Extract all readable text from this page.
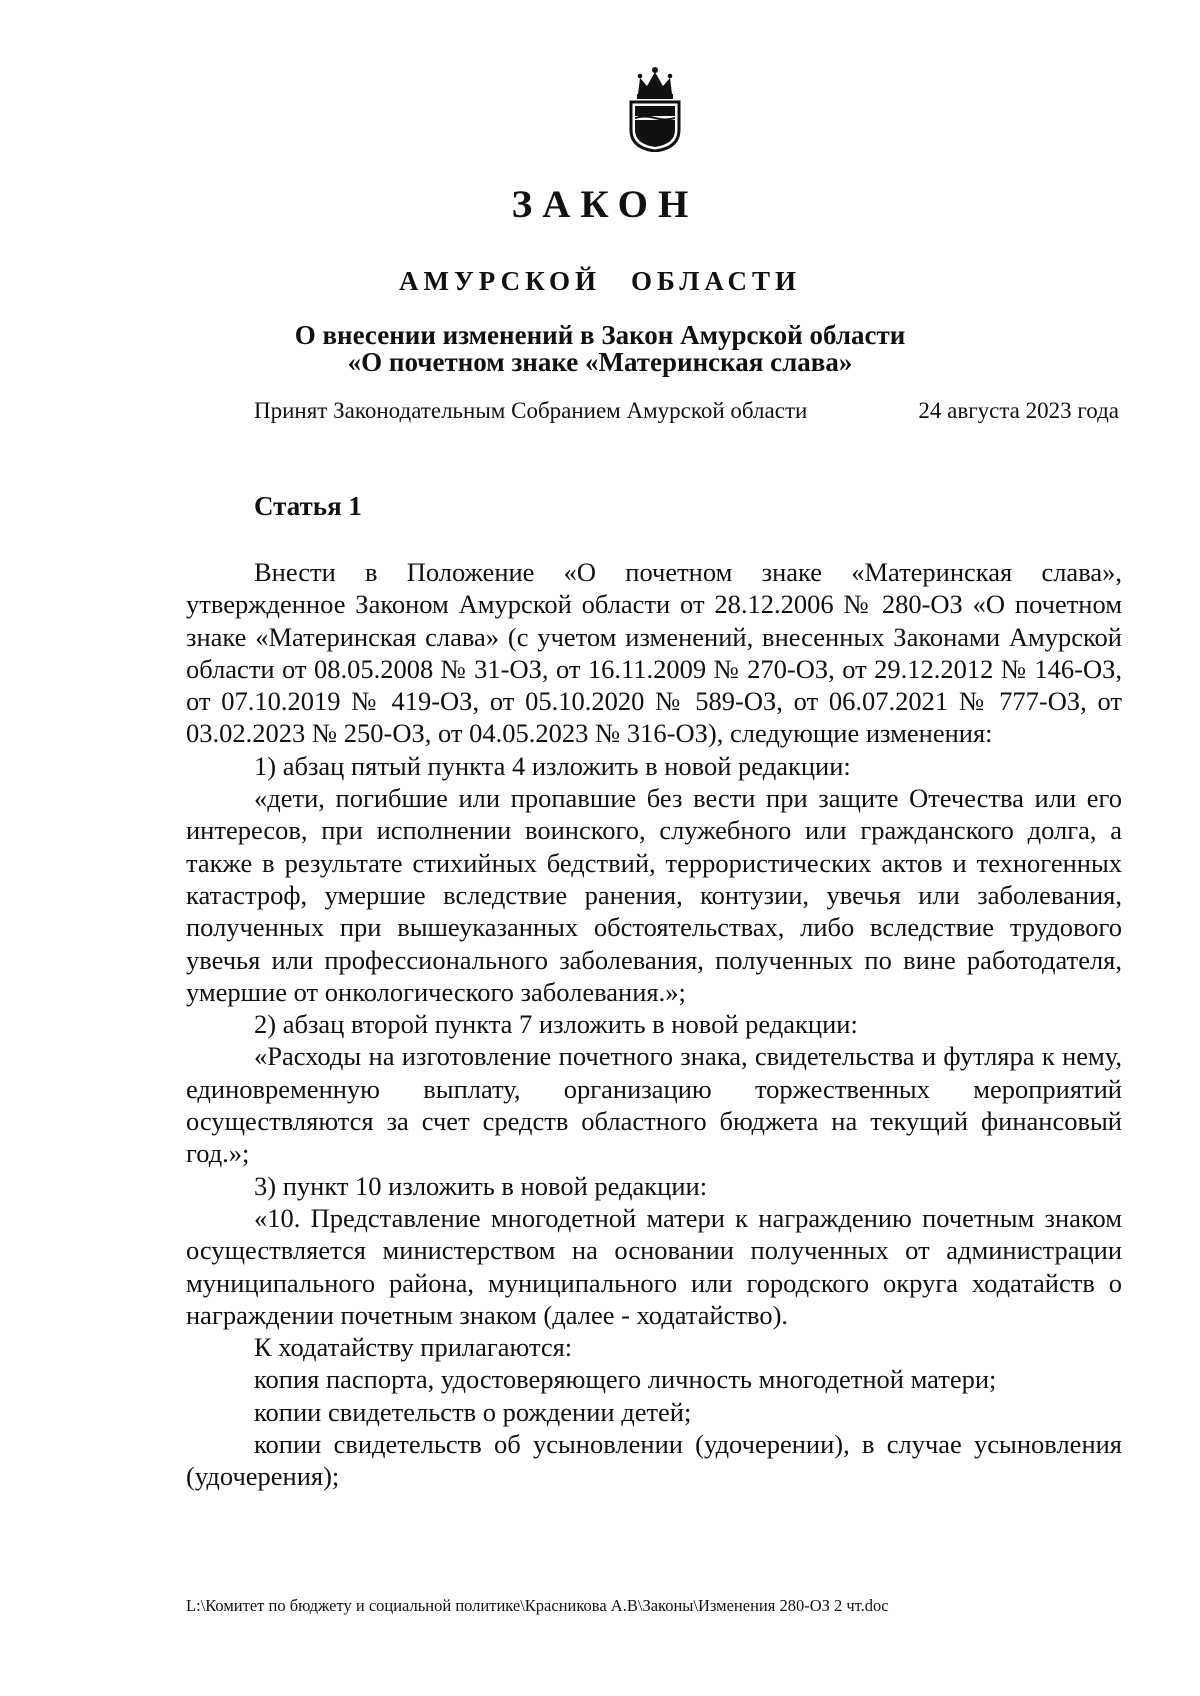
ЗАКОН
АМУРСКОЙ ОБЛАСТИ
О внесении изменений в Закон Амурской области
«О почетном знаке «Материнская слава»
Принят Законодательным Собранием Амурской области	24 августа 2023 года
Статья 1

Внести в Положение «О почетном знаке «Материнская слава», утвержденное Законом Амурской области от 28.12.2006 № 280-ОЗ «О почетном знаке «Материнская слава» (с учетом изменений, внесенных Законами Амурской области от 08.05.2008 № 31-ОЗ, от 16.11.2009 № 270-ОЗ, от 29.12.2012 № 146-ОЗ, от 07.10.2019 № 419-ОЗ, от 05.10.2020 № 589-ОЗ, от 06.07.2021 № 777-ОЗ, от 03.02.2023 № 250-ОЗ, от 04.05.2023 № 316-ОЗ), следующие изменения:

1) абзац пятый пункта 4 изложить в новой редакции:

«дети, погибшие или пропавшие без вести при защите Отечества или его интересов, при исполнении воинского, служебного или гражданского долга, а также в результате стихийных бедствий, террористических актов и техногенных катастроф, умершие вследствие ранения, контузии, увечья или заболевания, полученных при вышеуказанных обстоятельствах, либо вследствие трудового увечья или профессионального заболевания, полученных по вине работодателя, умершие от онкологического заболевания.»;

2) абзац второй пункта 7 изложить в новой редакции:

«Расходы на изготовление почетного знака, свидетельства и футляра к нему, единовременную выплату, организацию торжественных мероприятий осуществляются за счет средств областного бюджета на текущий финансовый год.»;

3) пункт 10 изложить в новой редакции:

«10. Представление многодетной матери к награждению почетным знаком осуществляется министерством на основании полученных от администрации муниципального района, муниципального или городского округа ходатайств о награждении почетным знаком (далее - ходатайство).

К ходатайству прилагаются:

копия паспорта, удостоверяющего личность многодетной матери;

копии свидетельств о рождении детей;

копии свидетельств об усыновлении (удочерении), в случае усыновления (удочерения);

L:\Комитет по бюджету и социальной политике\Красникова А.В\Законы\Изменения 280-ОЗ 2 чт.doc
